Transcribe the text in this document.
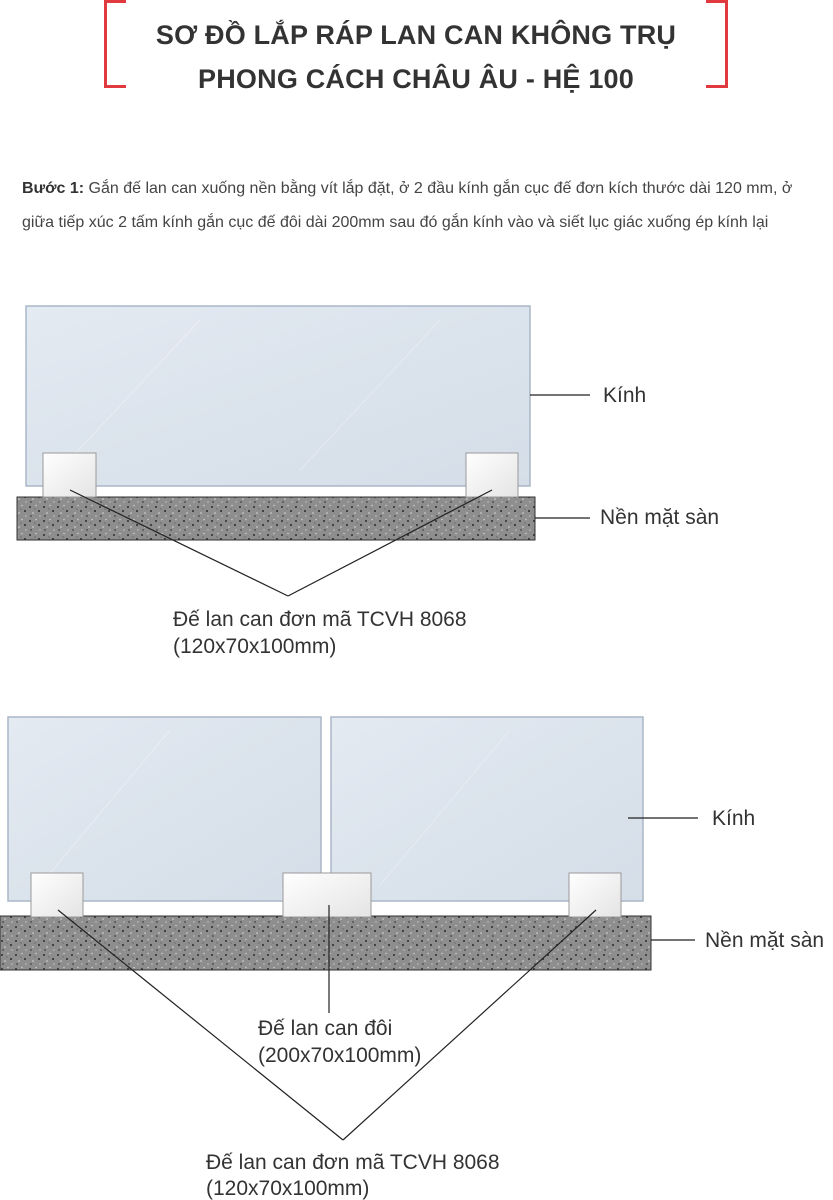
SƠ ĐỒ LẮP RÁP LAN CAN KHÔNG TRỤ
PHONG CÁCH CHÂU ÂU - HỆ 100
Bước 1: Gắn đế lan can xuống nền bằng vít lắp đặt, ở 2 đầu kính gắn cục đế đơn kích thước dài 120 mm, ở giữa tiếp xúc 2 tấm kính gắn cục đế đôi dài 200mm sau đó gắn kính vào và siết lục giác xuống ép kính lại
Kính
Nền mặt sàn
Đế lan can đơn mã TCVH 8068
(120x70x100mm)
Kính
Nền mặt sàn
Đế lan can đôi
(200x70x100mm)
Đế lan can đơn mã TCVH 8068
(120x70x100mm)
